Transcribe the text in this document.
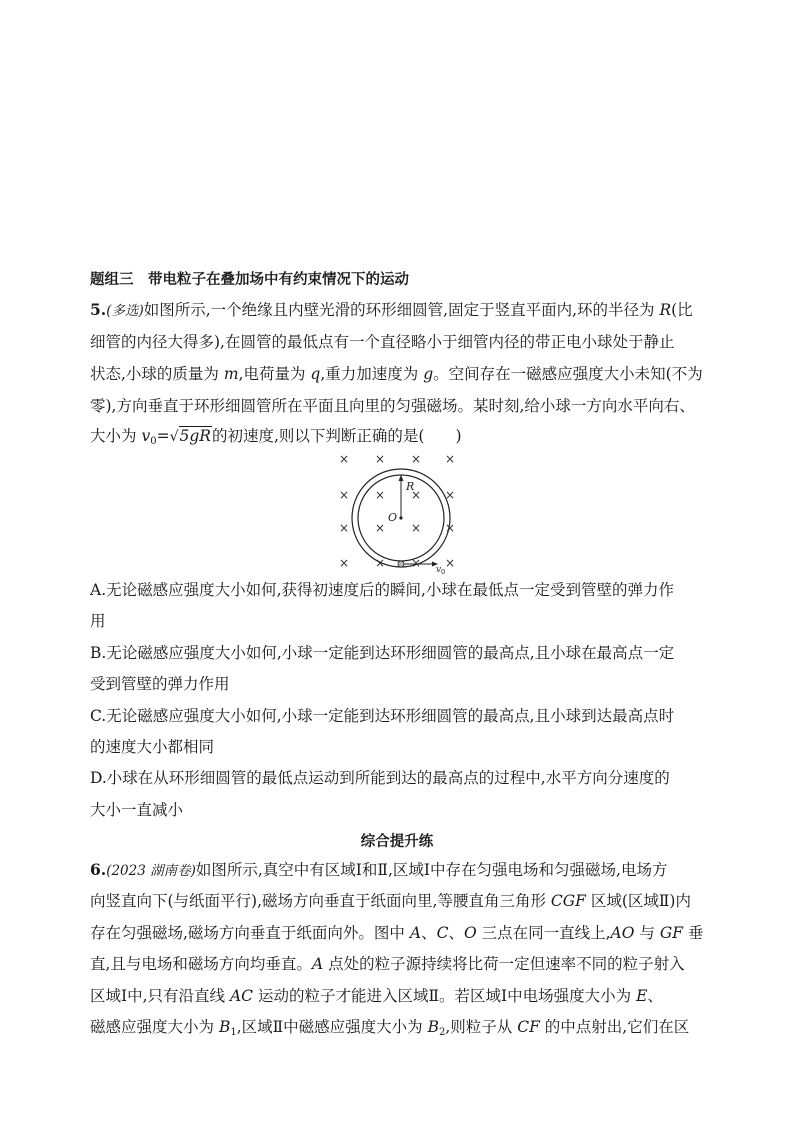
题组三　带电粒子在叠加场中有约束情况下的运动
5.(多选)如图所示,一个绝缘且内壁光滑的环形细圆管,固定于竖直平面内,环的半径为 R(比
细管的内径大得多),在圆管的最低点有一个直径略小于细管内径的带正电小球处于静止
状态,小球的质量为 m,电荷量为 q,重力加速度为 g。空间存在一磁感应强度大小未知(不为
零),方向垂直于环形细圆管所在平面且向里的匀强磁场。某时刻,给小球一方向水平向右、
大小为 $v_0=√5gR$的初速度,则以下判断正确的是(　　)
× × × ×
× × × ×
× × × ×
× × × ×
R
O
v 0
A.无论磁感应强度大小如何,获得初速度后的瞬间,小球在最低点一定受到管壁的弹力作
用
B.无论磁感应强度大小如何,小球一定能到达环形细圆管的最高点,且小球在最高点一定
受到管壁的弹力作用
C.无论磁感应强度大小如何,小球一定能到达环形细圆管的最高点,且小球到达最高点时
的速度大小都相同
D.小球在从环形细圆管的最低点运动到所能到达的最高点的过程中,水平方向分速度的
大小一直减小
综合提升练
6.(2023 湖南卷)如图所示,真空中有区域Ⅰ和Ⅱ,区域Ⅰ中存在匀强电场和匀强磁场,电场方
向竖直向下(与纸面平行),磁场方向垂直于纸面向里,等腰直角三角形 CGF 区域(区域Ⅱ)内
存在匀强磁场,磁场方向垂直于纸面向外。图中 A、C、O 三点在同一直线上,AO 与 GF 垂
直,且与电场和磁场方向均垂直。A 点处的粒子源持续将比荷一定但速率不同的粒子射入
区域Ⅰ中,只有沿直线 AC 运动的粒子才能进入区域Ⅱ。若区域Ⅰ中电场强度大小为 E、
磁感应强度大小为 $B_1$,区域Ⅱ中磁感应强度大小为 $B_2$,则粒子从 CF 的中点射出,它们在区
